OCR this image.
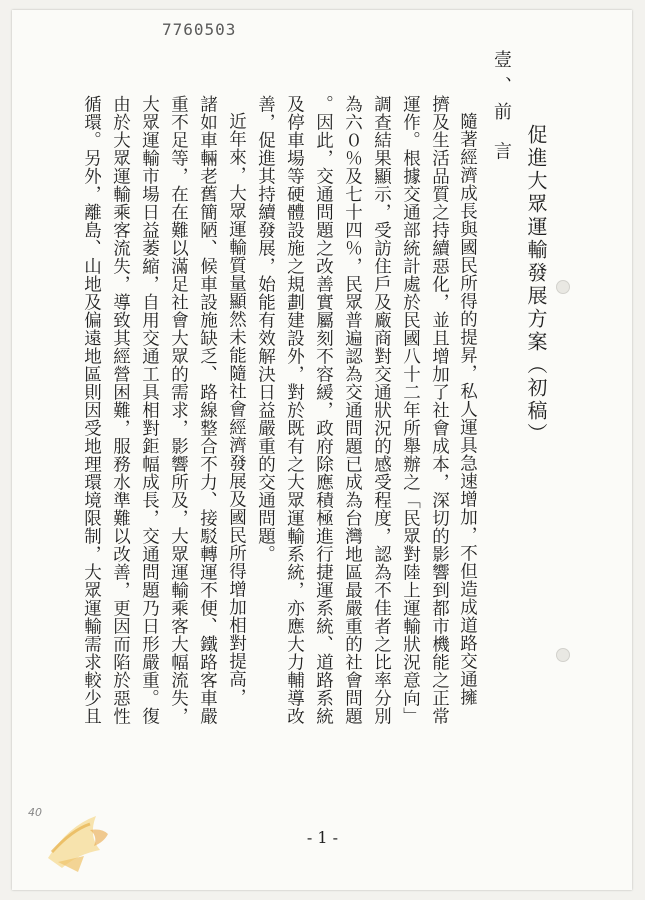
7760503
促進大眾運輸發展方案（初稿）
壹、前 言
隨著經濟成長與國民所得的提昇，私人運具急速增加，不但造成道路交通擁
擠及生活品質之持續惡化，並且增加了社會成本，深切的影響到都市機能之正常
運作。根據交通部統計處於民國八十二年所舉辦之「民眾對陸上運輸狀況意向」
調查結果顯示，受訪住戶及廠商對交通狀況的感受程度，認為不佳者之比率分別
為六０％及七十四％，民眾普遍認為交通問題已成為台灣地區最嚴重的社會問題
。因此，交通問題之改善實屬刻不容緩，政府除應積極進行捷運系統、道路系統
及停車場等硬體設施之規劃建設外，對於既有之大眾運輸系統，亦應大力輔導改
善，促進其持續發展，始能有效解決日益嚴重的交通問題。
近年來，大眾運輸質量顯然未能隨社會經濟發展及國民所得增加相對提高，
諸如車輛老舊簡陋、候車設施缺乏、路線整合不力、接駁轉運不便、鐵路客車嚴
重不足等，在在難以滿足社會大眾的需求，影響所及，大眾運輸乘客大幅流失，
大眾運輸市場日益萎縮，自用交通工具相對鉅幅成長，交通問題乃日形嚴重。復
由於大眾運輸乘客流失，導致其經營困難，服務水準難以改善，更因而陷於惡性
循環。另外，離島、山地及偏遠地區則因受地理環境限制，大眾運輸需求較少且
40
- 1 -
